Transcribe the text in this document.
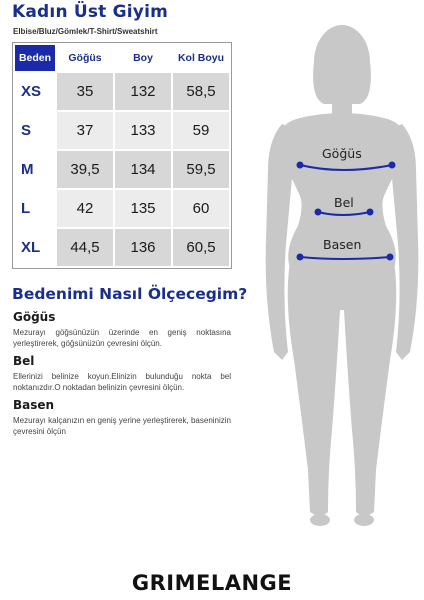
Kadın Üst Giyim
Elbise/Bluz/Gömlek/T-Shirt/Sweatshirt
Beden	Göğüs	Boy	Kol Boyu
XS	35	132	58,5
S	37	133	59
M	39,5	134	59,5
L	42	135	60
XL	44,5	136	60,5
Bedenimi Nasıl Ölçecegim?
Göğüs
Mezurayı göğsünüzün üzerinde en geniş noktasına yerleştirerek, göğsünüzün çevresini ölçün.
Bel
Ellerinizi belinize koyun.Elinizin bulunduğu nokta bel noktanızdır.O noktadan belinizin çevresini ölçün.
Basen
Mezurayı kalçanızın en geniş yerine yerleştirerek, baseninizin çevresini ölçün
Göğüs
Bel
Basen
GRIMELANGE
